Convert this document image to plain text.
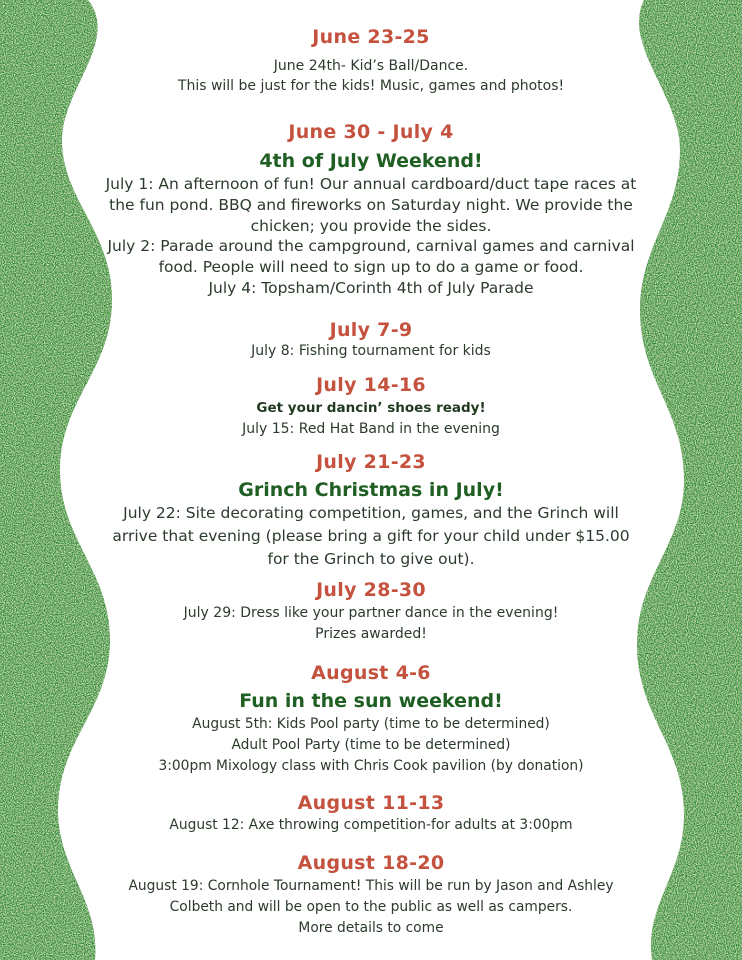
June 23-25
June 24th- Kid’s Ball/Dance.
This will be just for the kids! Music, games and photos!
June 30 - July 4
4th of July Weekend!
July 1: An afternoon of fun! Our annual cardboard/duct tape races at
the fun pond. BBQ and fireworks on Saturday night. We provide the
chicken; you provide the sides.
July 2: Parade around the campground, carnival games and carnival
food. People will need to sign up to do a game or food.
July 4: Topsham/Corinth 4th of July Parade
July 7-9
July 8: Fishing tournament for kids
July 14-16
Get your dancin’ shoes ready!
July 15: Red Hat Band in the evening
July 21-23
Grinch Christmas in July!
July 22: Site decorating competition, games, and the Grinch will
arrive that evening (please bring a gift for your child under $15.00
for the Grinch to give out).
July 28-30
July 29: Dress like your partner dance in the evening!
Prizes awarded!
August 4-6
Fun in the sun weekend!
August 5th: Kids Pool party (time to be determined)
Adult Pool Party (time to be determined)
3:00pm Mixology class with Chris Cook pavilion (by donation)
August 11-13
August 12: Axe throwing competition-for adults at 3:00pm
August 18-20
August 19: Cornhole Tournament! This will be run by Jason and Ashley
Colbeth and will be open to the public as well as campers.
More details to come
